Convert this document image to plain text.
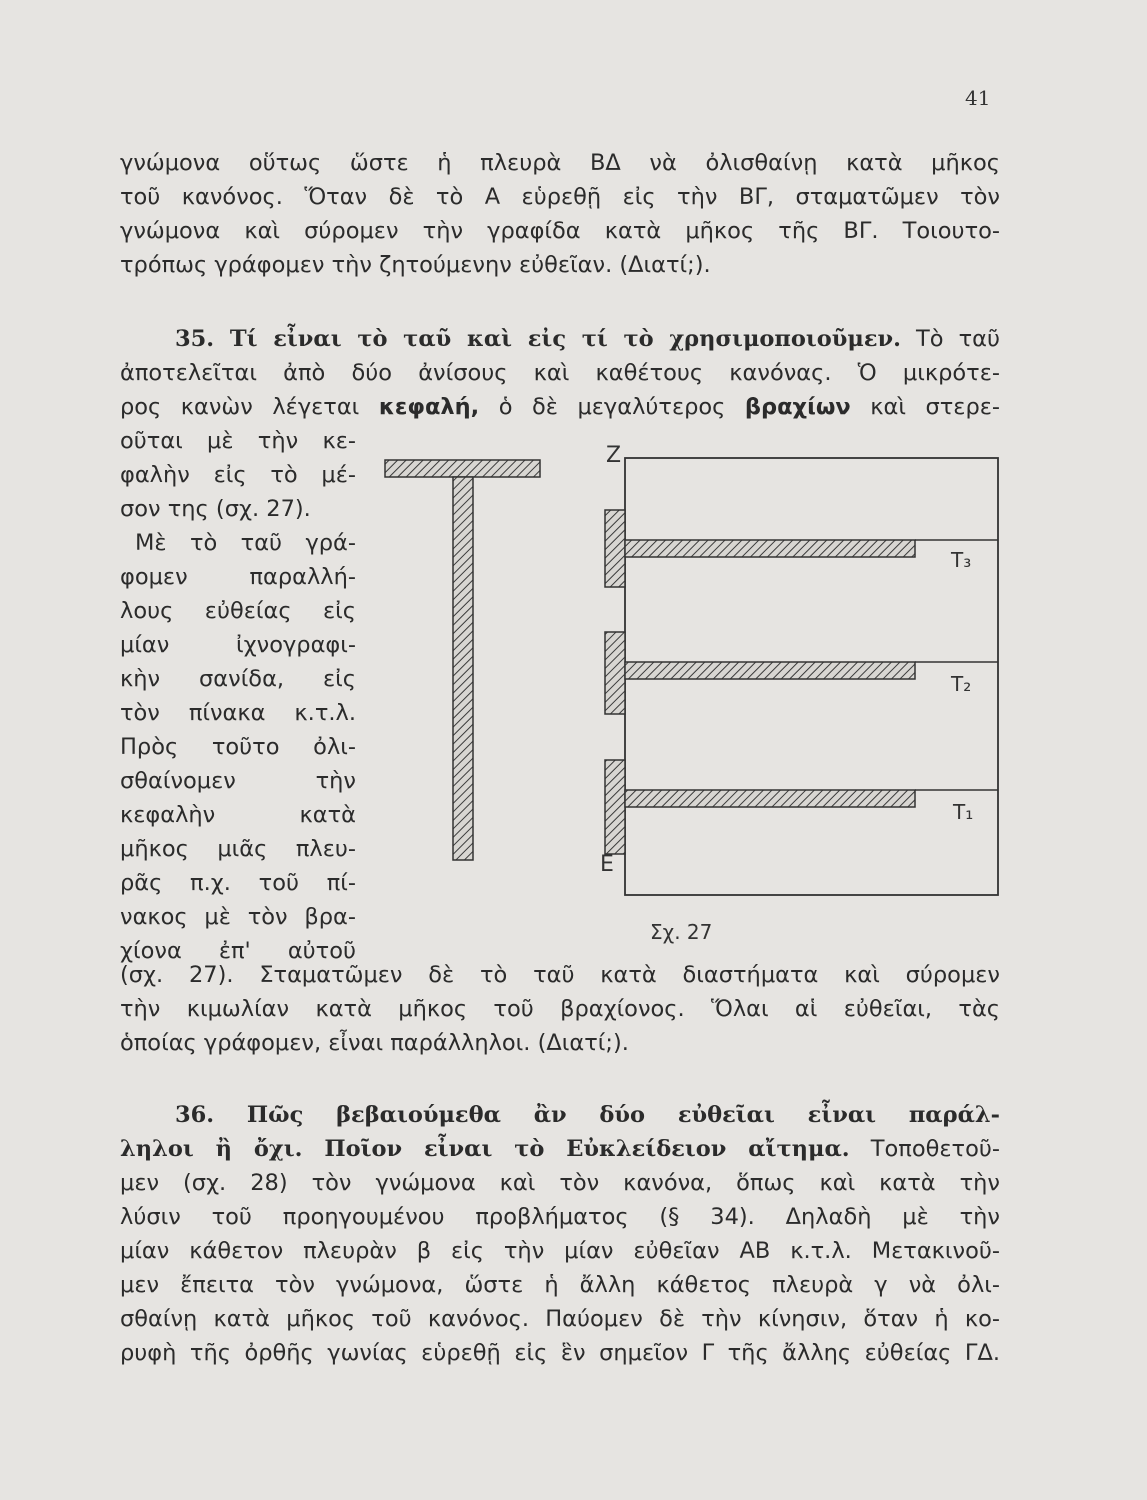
41
γνώμονα οὕτως ὥστε ἡ πλευρὰ ΒΔ νὰ ὀλισθαίνῃ κατὰ μῆκος
τοῦ κανόνος. Ὅταν δὲ τὸ Α εὑρεθῇ εἰς τὴν ΒΓ, σταματῶμεν τὸν
γνώμονα καὶ σύρομεν τὴν γραφίδα κατὰ μῆκος τῆς ΒΓ. Τοιουτο-
τρόπως γράφομεν τὴν ζητούμενην εὐθεῖαν. (Διατί;).
35. Τί εἶναι τὸ ταῦ καὶ εἰς τί τὸ χρησιμοποιοῦμεν. Τὸ ταῦ
ἀποτελεῖται ἀπὸ δύο ἀνίσους καὶ καθέτους κανόνας. Ὁ μικρότε-
ρος κανὼν λέγεται κεφαλή, ὁ δὲ μεγαλύτερος βραχίων καὶ στερε-
οῦται μὲ τὴν κε-
φαλὴν εἰς τὸ μέ-
σον της (σχ. 27).
Μὲ τὸ ταῦ γρά-
φομεν παραλλή-
λους εὐθείας εἰς
μίαν ἰχνογραφι-
κὴν σανίδα, εἰς
τὸν πίνακα κ.τ.λ.
Πρὸς τοῦτο ὀλι-
σθαίνομεν τὴν
κεφαλὴν κατὰ
μῆκος μιᾶς πλευ-
ρᾶς π.χ. τοῦ πί-
νακος μὲ τὸν βρα-
χίονα ἐπ' αὐτοῦ
Z
E
T₃
T₂
T₁
Σχ. 27
(σχ. 27). Σταματῶμεν δὲ τὸ ταῦ κατὰ διαστήματα καὶ σύρομεν
τὴν κιμωλίαν κατὰ μῆκος τοῦ βραχίονος. Ὅλαι αἱ εὐθεῖαι, τὰς
ὁποίας γράφομεν, εἶναι παράλληλοι. (Διατί;).
36. Πῶς βεβαιούμεθα ἂν δύο εὐθεῖαι εἶναι παράλ-
ληλοι ἢ ὄχι. Ποῖον εἶναι τὸ Εὐκλείδειον αἴτημα. Τοποθετοῦ-
μεν (σχ. 28) τὸν γνώμονα καὶ τὸν κανόνα, ὅπως καὶ κατὰ τὴν
λύσιν τοῦ προηγουμένου προβλήματος (§ 34). Δηλαδὴ μὲ τὴν
μίαν κάθετον πλευρὰν β εἰς τὴν μίαν εὐθεῖαν ΑΒ κ.τ.λ. Μετακινοῦ-
μεν ἔπειτα τὸν γνώμονα, ὥστε ἡ ἄλλη κάθετος πλευρὰ γ νὰ ὀλι-
σθαίνῃ κατὰ μῆκος τοῦ κανόνος. Παύομεν δὲ τὴν κίνησιν, ὅταν ἡ κο-
ρυφὴ τῆς ὀρθῆς γωνίας εὑρεθῇ εἰς ἓν σημεῖον Γ τῆς ἄλλης εὐθείας ΓΔ.
